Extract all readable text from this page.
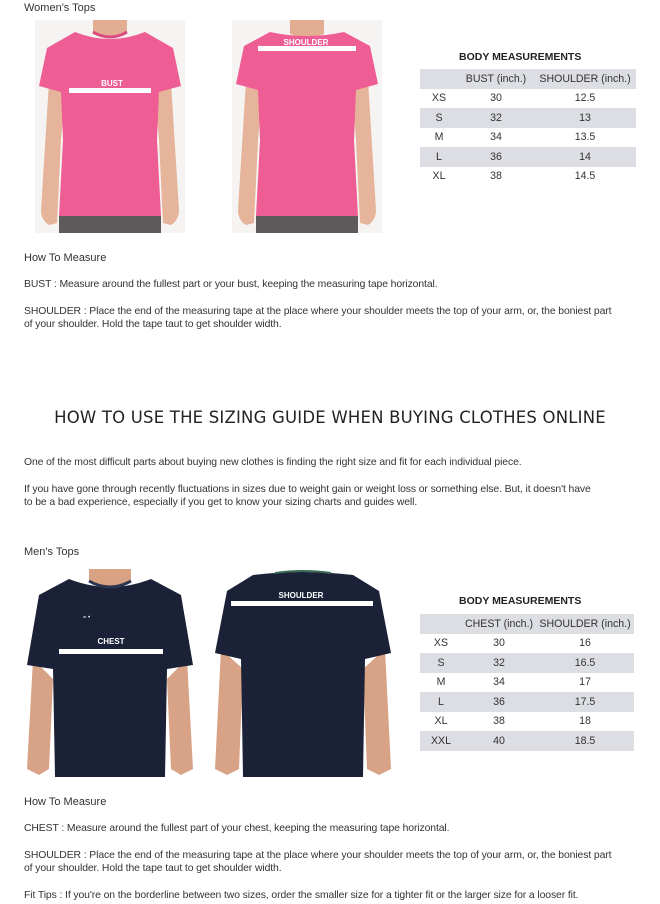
Women's Tops
BUST
SHOULDER
BODY MEASUREMENTS
	BUST (inch.)	SHOULDER (inch.)
XS	30	12.5
S	32	13
M	34	13.5
L	36	14
XL	38	14.5
How To Measure
BUST : Measure around the fullest part or your bust, keeping the measuring tape horizontal.
SHOULDER : Place the end of the measuring tape at the place where your shoulder meets the top of your arm, or, the boniest part
of your shoulder. Hold the tape taut to get shoulder width.
HOW TO USE THE SIZING GUIDE WHEN BUYING CLOTHES ONLINE
One of the most difficult parts about buying new clothes is finding the right size and fit for each individual piece.
If you have gone through recently fluctuations in sizes due to weight gain or weight loss or something else. But, it doesn't have
to be a bad experience, especially if you get to know your sizing charts and guides well.
Men's Tops
≈ •
CHEST
SHOULDER	BODY MEASUREMENTS
	CHEST (inch.)	SHOULDER (inch.)
XS	30	16
S	32	16.5
M	34	17
L	36	17.5
XL	38	18
XXL	40	18.5
How To Measure
CHEST : Measure around the fullest part of your chest, keeping the measuring tape horizontal.
SHOULDER : Place the end of the measuring tape at the place where your shoulder meets the top of your arm, or, the boniest part
of your shoulder. Hold the tape taut to get shoulder width.
Fit Tips : If you're on the borderline between two sizes, order the smaller size for a tighter fit or the larger size for a looser fit.
